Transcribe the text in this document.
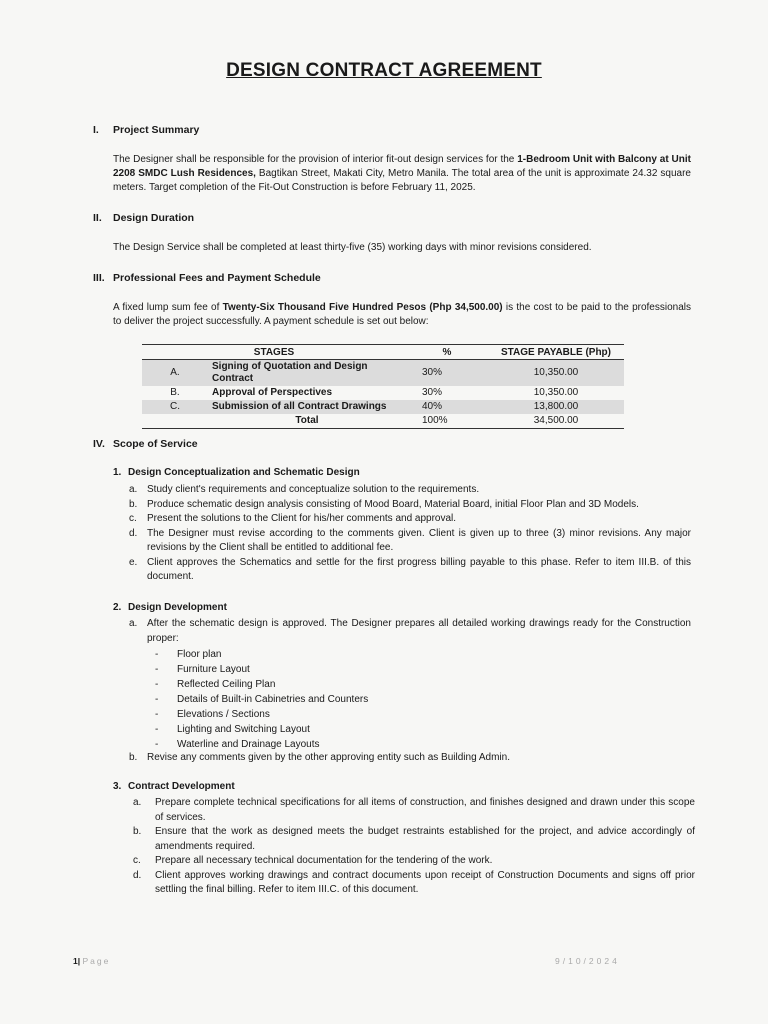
DESIGN CONTRACT AGREEMENT
I. Project Summary

The Designer shall be responsible for the provision of interior fit-out design services for the 1-Bedroom Unit with Balcony at Unit 2208 SMDC Lush Residences, Bagtikan Street, Makati City, Metro Manila. The total area of the unit is approximate 24.32 square meters. Target completion of the Fit-Out Construction is before February 11, 2025.

II. Design Duration

The Design Service shall be completed at least thirty-five (35) working days with minor revisions considered.

III. Professional Fees and Payment Schedule

A fixed lump sum fee of Twenty-Six Thousand Five Hundred Pesos (Php 34,500.00) is the cost to be paid to the professionals to deliver the project successfully. A payment schedule is set out below:

STAGES		%	STAGE PAYABLE (Php)
A.	Signing of Quotation and Design Contract	30%	10,350.00
B.	Approval of Perspectives	30%	10,350.00
C.	Submission of all Contract Drawings	40%	13,800.00
	Total	100%	34,500.00
IV. Scope of Service
1. Design Conceptualization and Schematic Design
a. Study client's requirements and conceptualize solution to the requirements.
b. Produce schematic design analysis consisting of Mood Board, Material Board, initial Floor Plan and 3D Models.
c. Present the solutions to the Client for his/her comments and approval.
d. The Designer must revise according to the comments given. Client is given up to three (3) minor revisions. Any major revisions by the Client shall be entitled to additional fee.
e. Client approves the Schematics and settle for the first progress billing payable to this phase. Refer to item III.B. of this document.
2. Design Development
a. After the schematic design is approved. The Designer prepares all detailed working drawings ready for the Construction proper:
- Floor plan
- Furniture Layout
- Reflected Ceiling Plan
- Details of Built-in Cabinetries and Counters
- Elevations / Sections
- Lighting and Switching Layout
- Waterline and Drainage Layouts
b. Revise any comments given by the other approving entity such as Building Admin.
3. Contract Development
a. Prepare complete technical specifications for all items of construction, and finishes designed and drawn under this scope of services.
b. Ensure that the work as designed meets the budget restraints established for the project, and advice accordingly of amendments required.
c. Prepare all necessary technical documentation for the tendering of the work.
d. Client approves working drawings and contract documents upon receipt of Construction Documents and signs off prior settling the final billing. Refer to item III.C. of this document.
1| Page	9/10/2024
